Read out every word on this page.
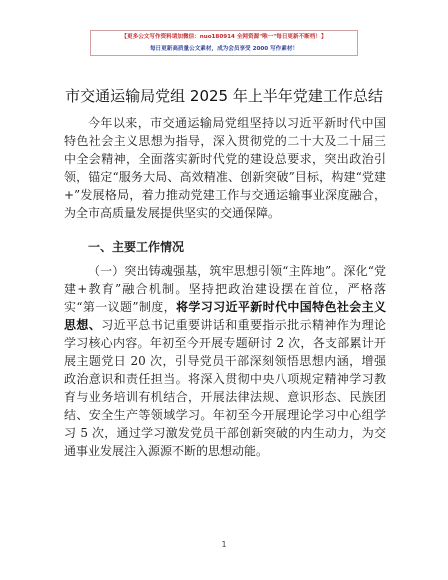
【更多公文写作资料请加微信：nuo180914 全网资源"唯一"每日更新不断档！】
每日更新高质量公文素材，成为会员享受 2000 写作素材！
市交通运输局党组 2025 年上半年党建工作总结
今年以来，市交通运输局党组坚持以习近平新时代中国特色社会主义思想为指导，深入贯彻党的二十大及二十届三中全会精神，全面落实新时代党的建设总要求，突出政治引领，锚定“服务大局、高效精准、创新突破”目标，构建“党建+”发展格局，着力推动党建工作与交通运输事业深度融合，为全市高质量发展提供坚实的交通保障。
一、主要工作情况
（一）突出铸魂强基，筑牢思想引领“主阵地”。深化“党建+教育”融合机制。坚持把政治建设摆在首位，严格落实“第一议题”制度，将学习习近平新时代中国特色社会主义思想、习近平总书记重要讲话和重要指示批示精神作为理论学习核心内容。年初至今开展专题研讨 2 次，各支部累计开展主题党日 20 次，引导党员干部深刻领悟思想内涵，增强政治意识和责任担当。将深入贯彻中央八项规定精神学习教育与业务培训有机结合，开展法律法规、意识形态、民族团结、安全生产等领域学习。年初至今开展理论学习中心组学习 5 次，通过学习激发党员干部创新突破的内生动力，为交通事业发展注入源源不断的思想动能。
1
